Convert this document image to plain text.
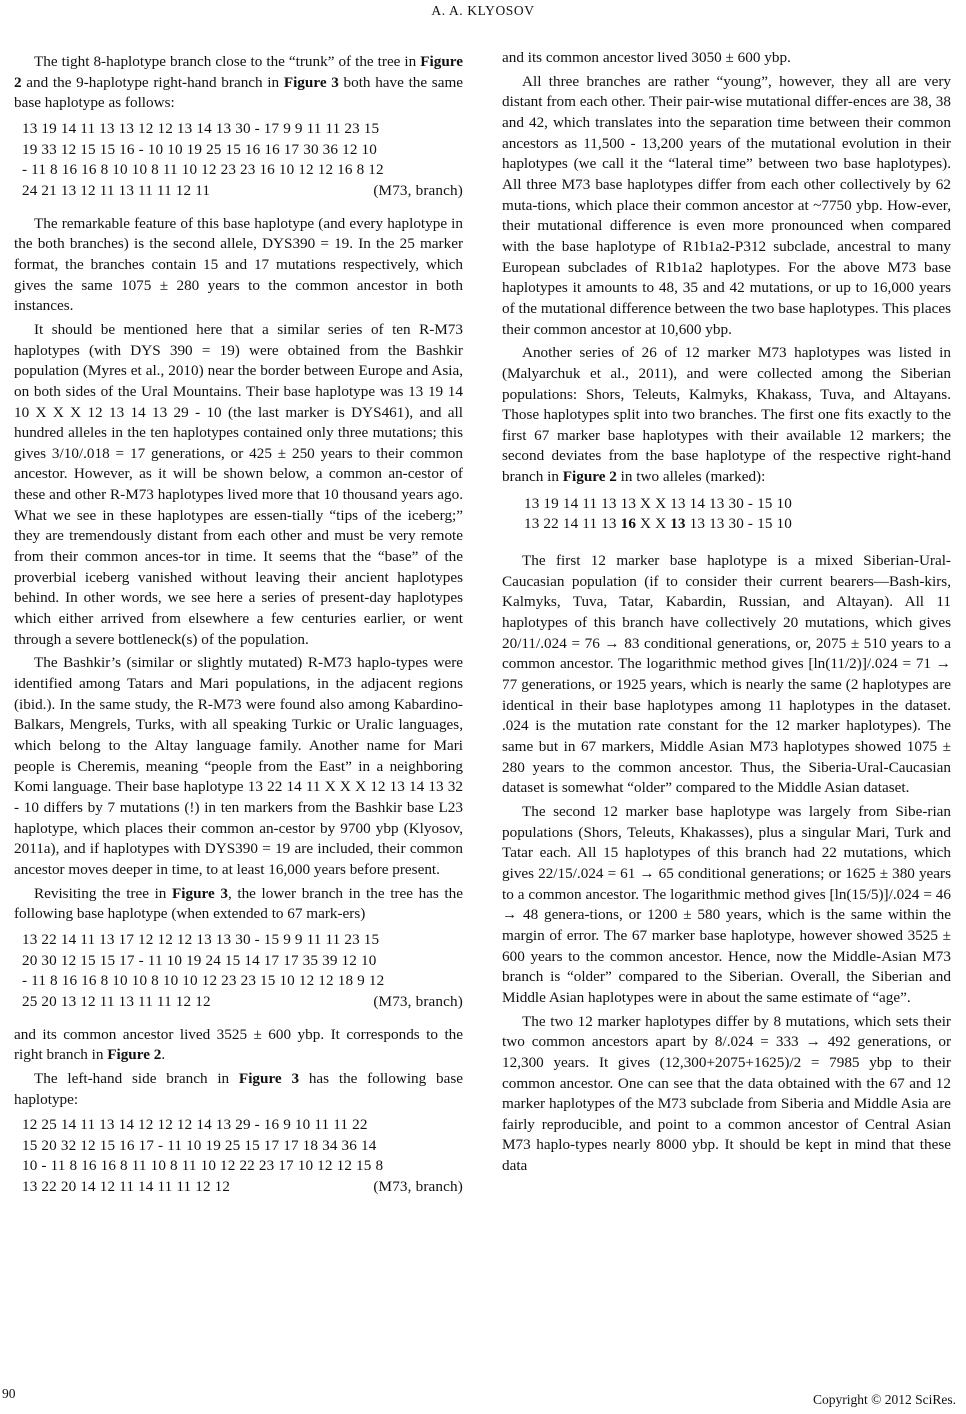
A. A. KLYOSOV

The tight 8-haplotype branch close to the “trunk” of the tree in Figure 2 and the 9-haplotype right-hand branch in Figure 3 both have the same base haplotype as follows:

13 19 14 11 13 13 12 12 13 14 13 30 - 17 9 9 11 11 23 15
19 33 12 15 15 16 - 10 10 19 25 15 16 16 17 30 36 12 10
- 11 8 16 16 8 10 10 8 11 10 12 23 23 16 10 12 12 16 8 12
24 21 13 12 11 13 11 11 12 11	(M73, branch)

The remarkable feature of this base haplotype (and every haplotype in the both branches) is the second allele, DYS390 = 19. In the 25 marker format, the branches contain 15 and 17 mutations respectively, which gives the same 1075 ± 280 years to the common ancestor in both instances.

It should be mentioned here that a similar series of ten R-M73 haplotypes (with DYS 390 = 19) were obtained from the Bashkir population (Myres et al., 2010) near the border between Europe and Asia, on both sides of the Ural Mountains. Their base haplotype was 13 19 14 10 X X X 12 13 14 13 29 - 10 (the last marker is DYS461), and all hundred alleles in the ten haplotypes contained only three mutations; this gives 3/10/.018 = 17 generations, or 425 ± 250 years to their common ancestor. However, as it will be shown below, a common an-cestor of these and other R-M73 haplotypes lived more that 10 thousand years ago. What we see in these haplotypes are essen-tially “tips of the iceberg;” they are tremendously distant from each other and must be very remote from their common ances-tor in time. It seems that the “base” of the proverbial iceberg vanished without leaving their ancient haplotypes behind. In other words, we see here a series of present-day haplotypes which either arrived from elsewhere a few centuries earlier, or went through a severe bottleneck(s) of the population.

The Bashkir’s (similar or slightly mutated) R-M73 haplo-types were identified among Tatars and Mari populations, in the adjacent regions (ibid.). In the same study, the R-M73 were found also among Kabardino-Balkars, Mengrels, Turks, with all speaking Turkic or Uralic languages, which belong to the Altay language family. Another name for Mari people is Cheremis, meaning “people from the East” in a neighboring Komi language. Their base haplotype 13 22 14 11 X X X 12 13 14 13 32 - 10 differs by 7 mutations (!) in ten markers from the Bashkir base L23 haplotype, which places their common an-cestor by 9700 ybp (Klyosov, 2011a), and if haplotypes with DYS390 = 19 are included, their common ancestor moves deeper in time, to at least 16,000 years before present.

Revisiting the tree in Figure 3, the lower branch in the tree has the following base haplotype (when extended to 67 mark-ers)

13 22 14 11 13 17 12 12 12 13 13 30 - 15 9 9 11 11 23 15
20 30 12 15 15 17 - 11 10 19 24 15 14 17 17 35 39 12 10
- 11 8 16 16 8 10 10 8 10 10 12 23 23 15 10 12 12 18 9 12
25 20 13 12 11 13 11 11 12 12	(M73, branch)

and its common ancestor lived 3525 ± 600 ybp. It corresponds to the right branch in Figure 2.

The left-hand side branch in Figure 3 has the following base haplotype:

12 25 14 11 13 14 12 12 12 14 13 29 - 16 9 10 11 11 22
15 20 32 12 15 16 17 - 11 10 19 25 15 17 17 18 34 36 14
10 - 11 8 16 16 8 11 10 8 11 10 12 22 23 17 10 12 12 15 8
13 22 20 14 12 11 14 11 11 12 12	(M73, branch)

and its common ancestor lived 3050 ± 600 ybp.

All three branches are rather “young”, however, they all are very distant from each other. Their pair-wise mutational differ-ences are 38, 38 and 42, which translates into the separation time between their common ancestors as 11,500 - 13,200 years of the mutational evolution in their haplotypes (we call it the “lateral time” between two base haplotypes). All three M73 base haplotypes differ from each other collectively by 62 muta-tions, which place their common ancestor at ~7750 ybp. How-ever, their mutational difference is even more pronounced when compared with the base haplotype of R1b1a2-P312 subclade, ancestral to many European subclades of R1b1a2 haplotypes. For the above M73 base haplotypes it amounts to 48, 35 and 42 mutations, or up to 16,000 years of the mutational difference between the two base haplotypes. This places their common ancestor at 10,600 ybp.

Another series of 26 of 12 marker M73 haplotypes was listed in (Malyarchuk et al., 2011), and were collected among the Siberian populations: Shors, Teleuts, Kalmyks, Khakass, Tuva, and Altayans. Those haplotypes split into two branches. The first one fits exactly to the first 67 marker base haplotypes with their available 12 markers; the second deviates from the base haplotype of the respective right-hand branch in Figure 2 in two alleles (marked):

13 19 14 11 13 13 X X 13 14 13 30 - 15 10
13 22 14 11 13 16 X X 13 13 13 30 - 15 10

The first 12 marker base haplotype is a mixed Siberian-Ural-Caucasian population (if to consider their current bearers—Bash-kirs, Kalmyks, Tuva, Tatar, Kabardin, Russian, and Altayan). All 11 haplotypes of this branch have collectively 20 mutations, which gives 20/11/.024 = 76 → 83 conditional generations, or, 2075 ± 510 years to a common ancestor. The logarithmic method gives [ln(11/2)]/.024 = 71 → 77 generations, or 1925 years, which is nearly the same (2 haplotypes are identical in their base haplotypes among 11 haplotypes in the dataset. .024 is the mutation rate constant for the 12 marker haplotypes). The same but in 67 markers, Middle Asian M73 haplotypes showed 1075 ± 280 years to the common ancestor. Thus, the Siberia-Ural-Caucasian dataset is somewhat “older” compared to the Middle Asian dataset.

The second 12 marker base haplotype was largely from Sibe-rian populations (Shors, Teleuts, Khakasses), plus a singular Mari, Turk and Tatar each. All 15 haplotypes of this branch had 22 mutations, which gives 22/15/.024 = 61 → 65 conditional generations; or 1625 ± 380 years to a common ancestor. The logarithmic method gives [ln(15/5)]/.024 = 46 → 48 genera-tions, or 1200 ± 580 years, which is the same within the margin of error. The 67 marker base haplotype, however showed 3525 ± 600 years to the common ancestor. Hence, now the Middle-Asian M73 branch is “older” compared to the Siberian. Overall, the Siberian and Middle Asian haplotypes were in about the same estimate of “age”.

The two 12 marker haplotypes differ by 8 mutations, which sets their two common ancestors apart by 8/.024 = 333 → 492 generations, or 12,300 years. It gives (12,300+2075+1625)/2 = 7985 ybp to their common ancestor. One can see that the data obtained with the 67 and 12 marker haplotypes of the M73 subclade from Siberia and Middle Asia are fairly reproducible, and point to a common ancestor of Central Asian M73 haplo-types nearly 8000 ybp. It should be kept in mind that these data

90	Copyright © 2012 SciRes.
